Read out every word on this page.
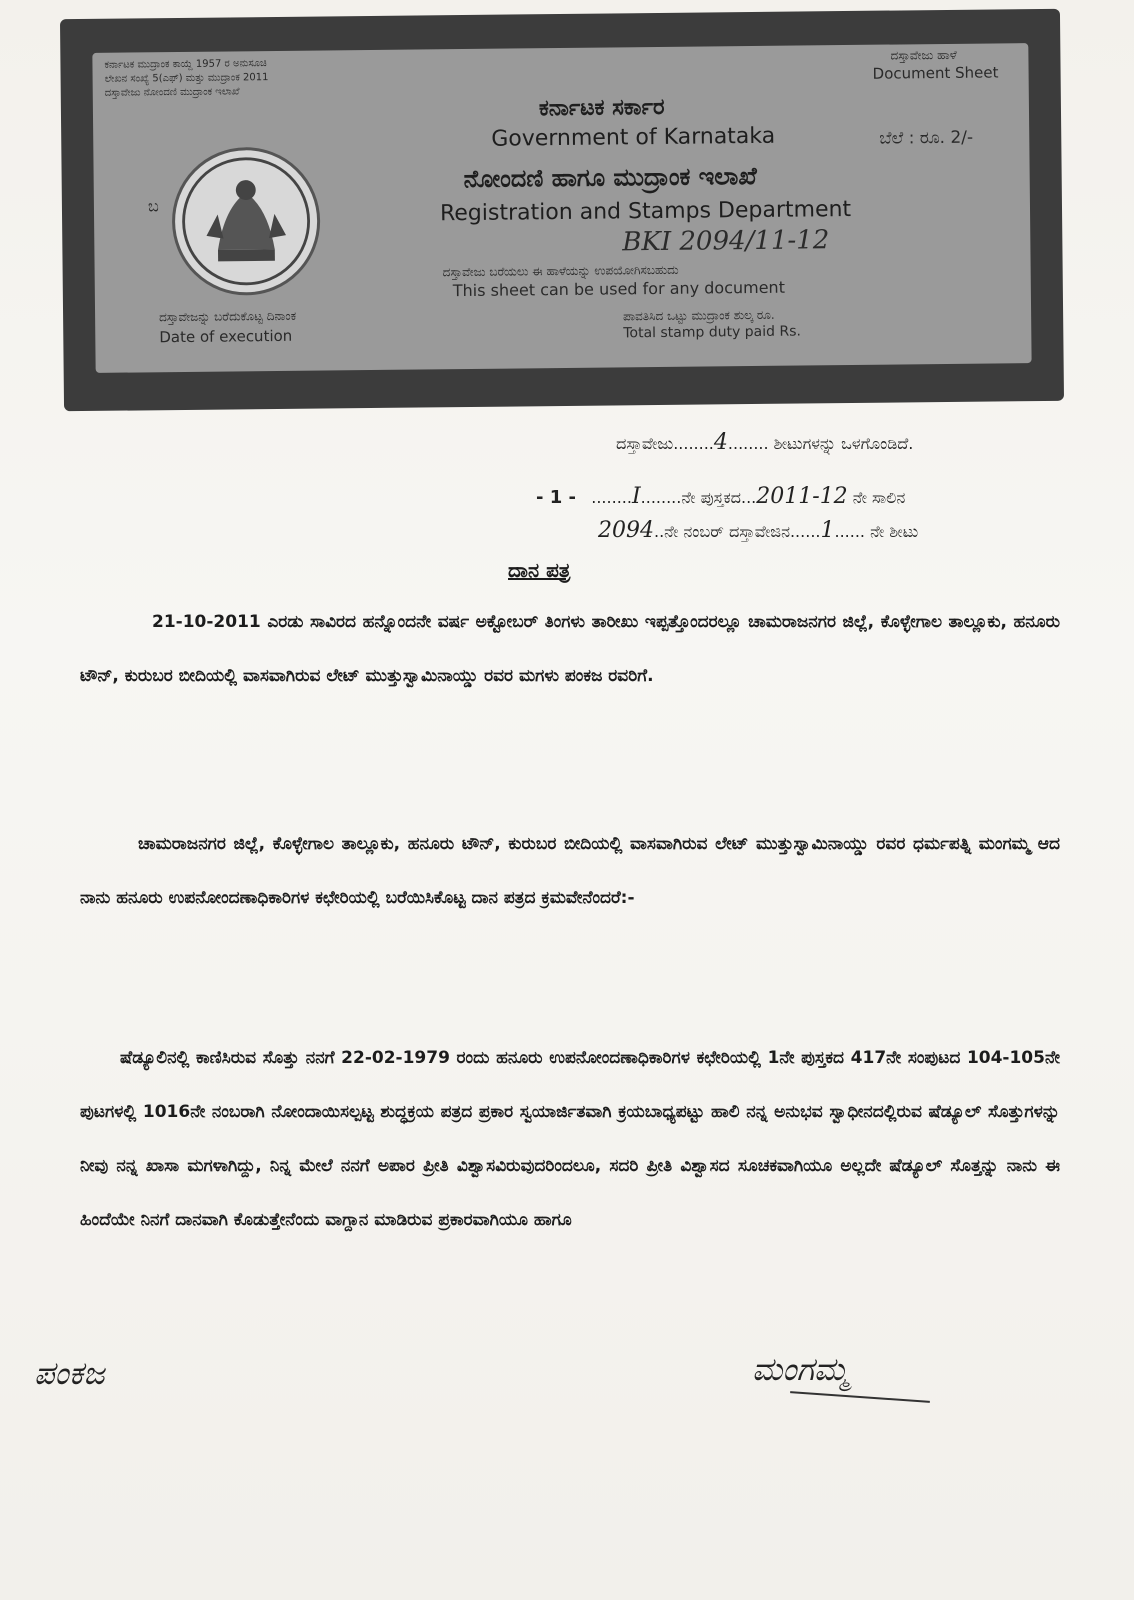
ಕರ್ನಾಟಕ ಮುದ್ರಾಂಕ ಕಾಯ್ದೆ 1957 ರ ಅನುಸೂಚಿ
ಲೇಖನ ಸಂಖ್ಯೆ 5(ಎಫ್) ಮತ್ತು ಮುದ್ರಾಂಕ 2011
ದಸ್ತಾವೇಜು ನೋಂದಣಿ ಮುದ್ರಾಂಕ ಇಲಾಖೆ
ದಸ್ತಾವೇಜು ಹಾಳೆ
Document Sheet
ಕರ್ನಾಟಕ ಸರ್ಕಾರ
Government of Karnataka	ಬೆಲೆ : ರೂ. 2/-
ಬ
ನೋಂದಣಿ ಹಾಗೂ ಮುದ್ರಾಂಕ ಇಲಾಖೆ
Registration and Stamps Department
BKI 2094/11-12
ದಸ್ತಾವೇಜು ಬರೆಯಲು ಈ ಹಾಳೆಯನ್ನು ಉಪಯೋಗಿಸಬಹುದು
This sheet can be used for any document
ದಸ್ತಾವೇಜನ್ನು ಬರೆದುಕೊಟ್ಟ ದಿನಾಂಕ
Date of execution
ಪಾವತಿಸಿದ ಒಟ್ಟು ಮುದ್ರಾಂಕ ಶುಲ್ಕ ರೂ.
Total stamp duty paid Rs.
ದಸ್ತಾವೇಜು........4........ ಶೀಟುಗಳನ್ನು ಒಳಗೊಂಡಿದೆ.
- 1 -   ........I........ನೇ ಪುಸ್ತಕದ...2011-12 ನೇ ಸಾಲಿನ
2094..ನೇ ನಂಬರ್ ದಸ್ತಾವೇಜಿನ......1...... ನೇ ಶೀಟು
ದಾನ ಪತ್ರ

21-10-2011 ಎರಡು ಸಾವಿರದ ಹನ್ನೊಂದನೇ ವರ್ಷ ಅಕ್ಟೋಬರ್ ತಿಂಗಳು ತಾರೀಖು ಇಪ್ಪತ್ತೊಂದರಲ್ಲೂ ಚಾಮರಾಜನಗರ ಜಿಲ್ಲೆ, ಕೊಳ್ಳೇಗಾಲ ತಾಲ್ಲೂಕು, ಹನೂರು ಟೌನ್, ಕುರುಬರ ಬೀದಿಯಲ್ಲಿ ವಾಸವಾಗಿರುವ ಲೇಟ್ ಮುತ್ತುಸ್ವಾಮಿನಾಯ್ಡು ರವರ ಮಗಳು ಪಂಕಜ ರವರಿಗೆ.

ಚಾಮರಾಜನಗರ ಜಿಲ್ಲೆ, ಕೊಳ್ಳೇಗಾಲ ತಾಲ್ಲೂಕು, ಹನೂರು ಟೌನ್, ಕುರುಬರ ಬೀದಿಯಲ್ಲಿ ವಾಸವಾಗಿರುವ ಲೇಟ್ ಮುತ್ತುಸ್ವಾಮಿನಾಯ್ಡು ರವರ ಧರ್ಮಪತ್ನಿ ಮಂಗಮ್ಮ ಆದ ನಾನು ಹನೂರು ಉಪನೋಂದಣಾಧಿಕಾರಿಗಳ ಕಛೇರಿಯಲ್ಲಿ ಬರೆಯಿಸಿಕೊಟ್ಟ ದಾನ ಪತ್ರದ ಕ್ರಮವೇನೆಂದರೆ:-

ಷೆಡ್ಯೂಲಿನಲ್ಲಿ ಕಾಣಿಸಿರುವ ಸೊತ್ತು ನನಗೆ 22-02-1979 ರಂದು ಹನೂರು ಉಪನೋಂದಣಾಧಿಕಾರಿಗಳ ಕಛೇರಿಯಲ್ಲಿ 1ನೇ ಪುಸ್ತಕದ 417ನೇ ಸಂಪುಟದ 104-105ನೇ ಪುಟಗಳಲ್ಲಿ 1016ನೇ ನಂಬರಾಗಿ ನೋಂದಾಯಿಸಲ್ಪಟ್ಟ ಶುದ್ಧಕ್ರಯ ಪತ್ರದ ಪ್ರಕಾರ ಸ್ವಯಾರ್ಜಿತವಾಗಿ ಕ್ರಯಬಾಧ್ಯಪಟ್ಟು ಹಾಲಿ ನನ್ನ ಅನುಭವ ಸ್ವಾಧೀನದಲ್ಲಿರುವ ಷೆಡ್ಯೂಲ್ ಸೊತ್ತುಗಳನ್ನು ನೀವು ನನ್ನ ಖಾಸಾ ಮಗಳಾಗಿದ್ದು, ನಿನ್ನ ಮೇಲೆ ನನಗೆ ಅಪಾರ ಪ್ರೀತಿ ವಿಶ್ವಾಸವಿರುವುದರಿಂದಲೂ, ಸದರಿ ಪ್ರೀತಿ ವಿಶ್ವಾಸದ ಸೂಚಕವಾಗಿಯೂ ಅಲ್ಲದೇ ಷೆಡ್ಯೂಲ್ ಸೊತ್ತನ್ನು ನಾನು ಈ ಹಿಂದೆಯೇ ನಿನಗೆ ದಾನವಾಗಿ ಕೊಡುತ್ತೇನೆಂದು ವಾಗ್ದಾನ ಮಾಡಿರುವ ಪ್ರಕಾರವಾಗಿಯೂ ಹಾಗೂ

ಪಂಕಜ	ಮಂಗಮ್ಮ
